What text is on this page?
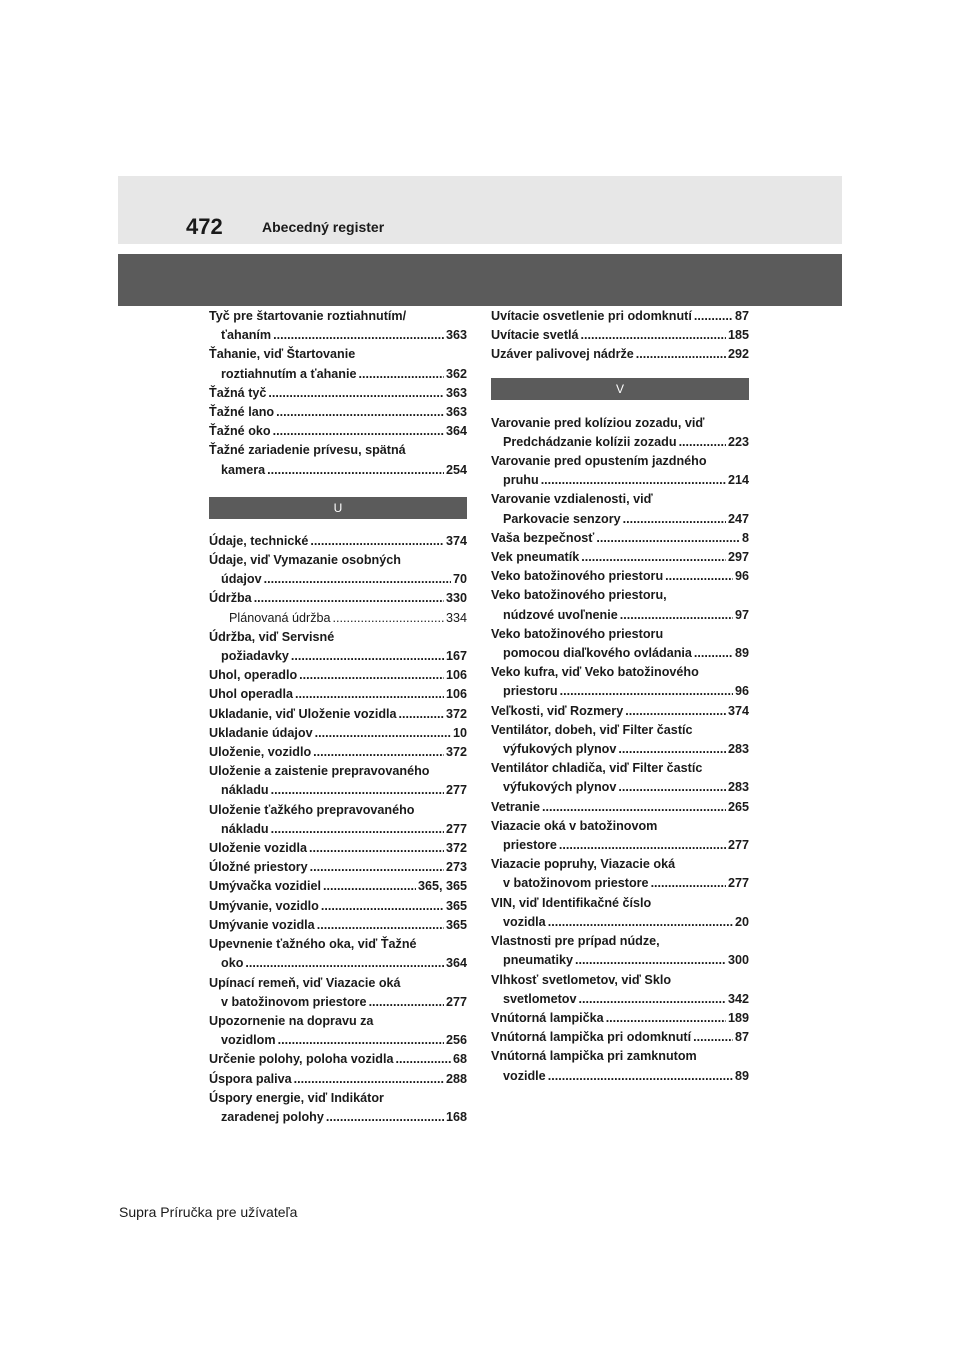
472	Abecedný register
Tyč pre štartovanie roztiahnutím/
ťahaním .....	363
Ťahanie, viď Štartovanie
roztiahnutím a ťahanie .....	362
Ťažná tyč .....	363
Ťažné lano .....	363
Ťažné oko .....	364
Ťažné zariadenie prívesu, spätná
kamera .....	254
U
Údaje, technické .....	374
Údaje, viď Vymazanie osobných
údajov .....	70
Údržba .....	330
Plánovaná údržba .....	334
Údržba, viď Servisné
požiadavky .....	167
Uhol, operadlo .....	106
Uhol operadla .....	106
Ukladanie, viď Uloženie vozidla .....	372
Ukladanie údajov .....	10
Uloženie, vozidlo .....	372
Uloženie a zaistenie prepravovaného
nákladu .....	277
Uloženie ťažkého prepravovaného
nákladu .....	277
Uloženie vozidla .....	372
Úložné priestory .....	273
Umývačka vozidiel .....	365, 365
Umývanie, vozidlo .....	365
Umývanie vozidla .....	365
Upevnenie ťažného oka, viď Ťažné
oko .....	364
Upínací remeň, viď Viazacie oká
v batožinovom priestore .....	277
Upozornenie na dopravu za
vozidlom .....	256
Určenie polohy, poloha vozidla .....	68
Úspora paliva .....	288
Úspory energie, viď Indikátor
zaradenej polohy .....	168
Uvítacie osvetlenie pri odomknutí .....	87
Uvítacie svetlá .....	185
Uzáver palivovej nádrže .....	292
V
Varovanie pred kolíziou zozadu, viď
Predchádzanie kolízii zozadu .....	223
Varovanie pred opustením jazdného
pruhu .....	214
Varovanie vzdialenosti, viď
Parkovacie senzory .....	247
Vaša bezpečnosť .....	8
Vek pneumatík .....	297
Veko batožinového priestoru .....	96
Veko batožinového priestoru,
núdzové uvoľnenie .....	97
Veko batožinového priestoru
pomocou diaľkového ovládania .....	89
Veko kufra, viď Veko batožinového
priestoru .....	96
Veľkosti, viď Rozmery .....	374
Ventilátor, dobeh, viď Filter častíc
výfukových plynov .....	283
Ventilátor chladiča, viď Filter častíc
výfukových plynov .....	283
Vetranie .....	265
Viazacie oká v batožinovom
priestore .....	277
Viazacie popruhy, Viazacie oká
v batožinovom priestore .....	277
VIN, viď Identifikačné číslo
vozidla .....	20
Vlastnosti pre prípad núdze,
pneumatiky .....	300
Vlhkosť svetlometov, viď Sklo
svetlometov .....	342
Vnútorná lampička .....	189
Vnútorná lampička pri odomknutí .....	87
Vnútorná lampička pri zamknutom
vozidle .....	89
Supra Príručka pre užívateľa
